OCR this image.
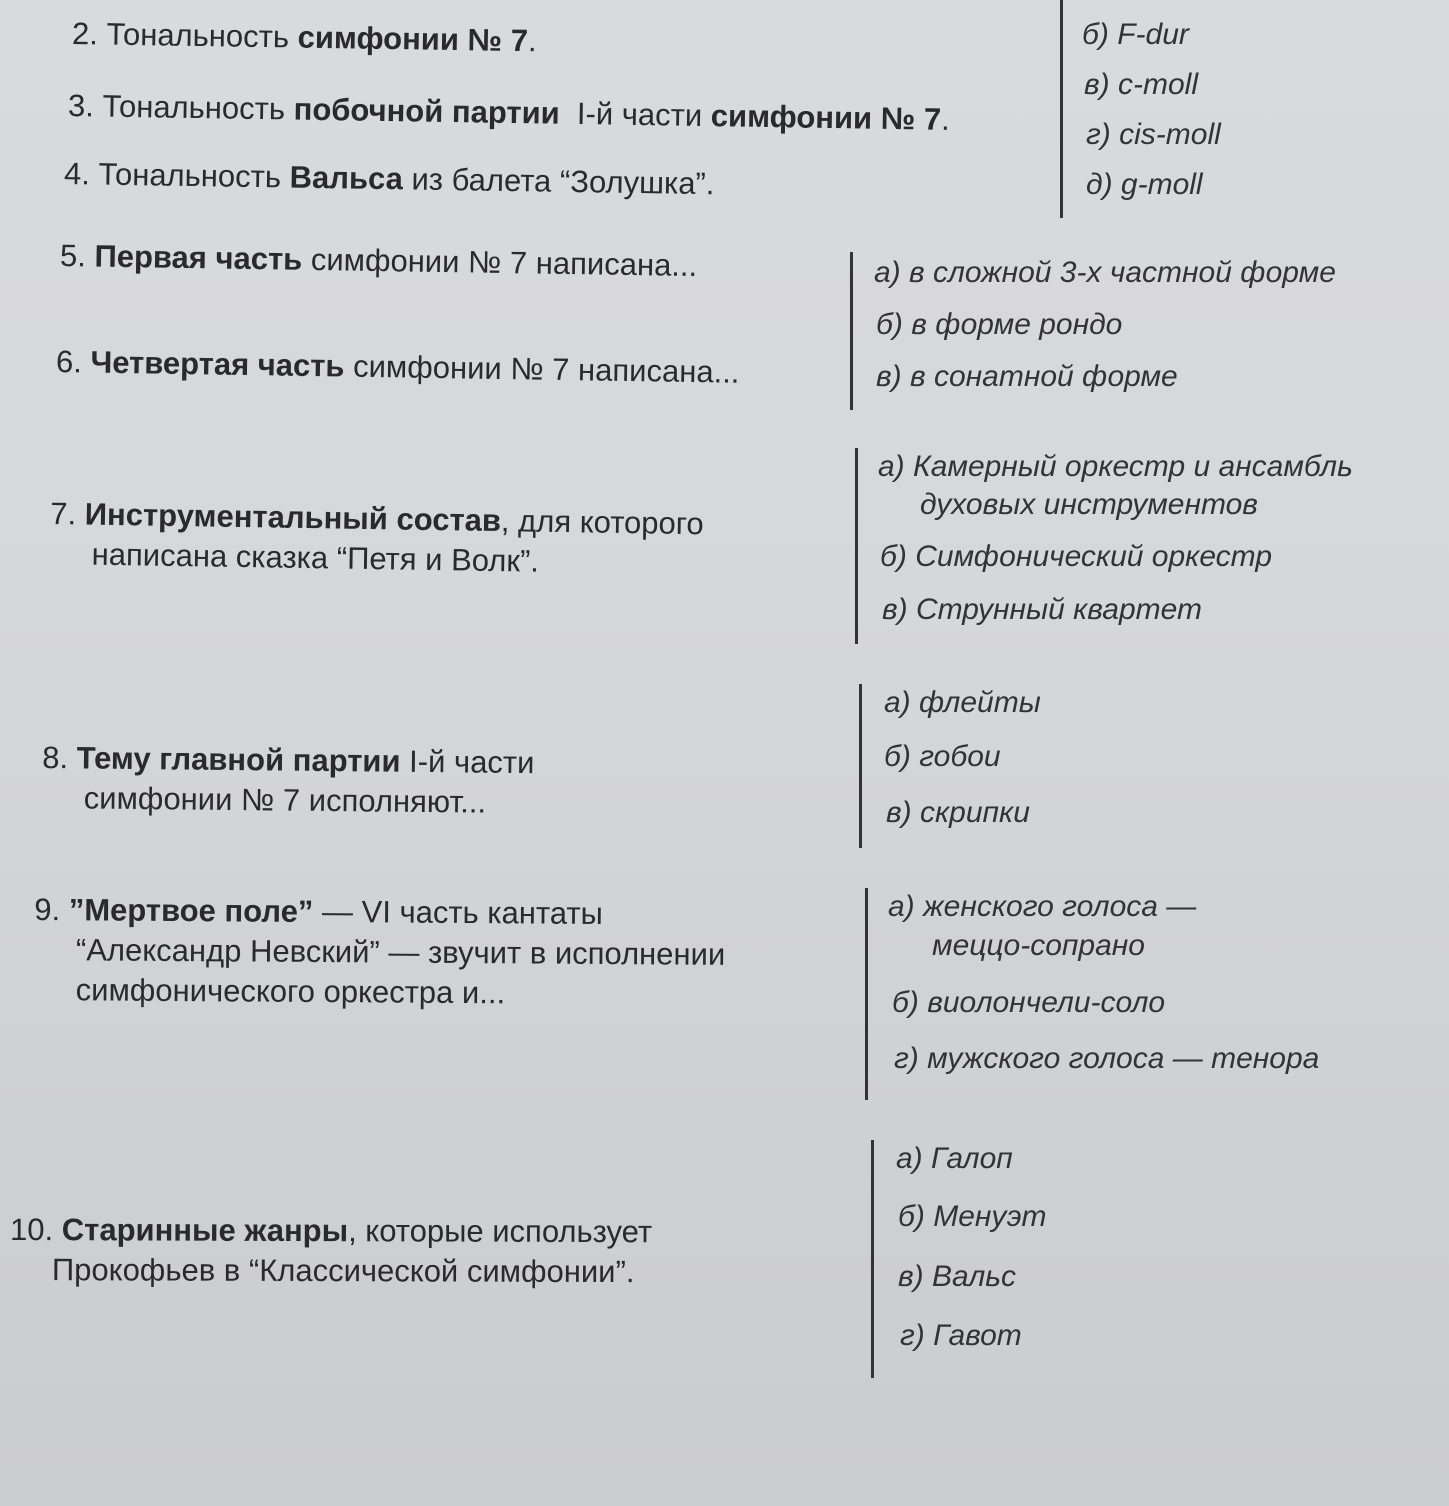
2. Тональность симфонии № 7.
3. Тональность побочной партии I-й части симфонии № 7.
4. Тональность Вальса из балета “Золушка”.
б) F-dur
в) c-moll
г) cis-moll
д) g-moll
5. Первая часть симфонии № 7 написана...
6. Четвертая часть симфонии № 7 написана...
а) в сложной 3-х частной форме
б) в форме рондо
в) в сонатной форме
7. Инструментальный состав, для которого
написана сказка “Петя и Волк”.
а) Камерный оркестр и ансамбль
духовых инструментов
б) Симфонический оркестр
в) Струнный квартет
8. Тему главной партии I-й части
симфонии № 7 исполняют...
а) флейты
б) гобои
в) скрипки
9. ”Мертвое поле” — VI часть кантаты
“Александр Невский” — звучит в исполнении
симфонического оркестра и...
а) женского голоса —
меццо-сопрано
б) виолончели-соло
г) мужского голоса — тенора
10. Старинные жанры, которые использует
Прокофьев в “Классической симфонии”.
а) Галоп
б) Менуэт
в) Вальс
г) Гавот
